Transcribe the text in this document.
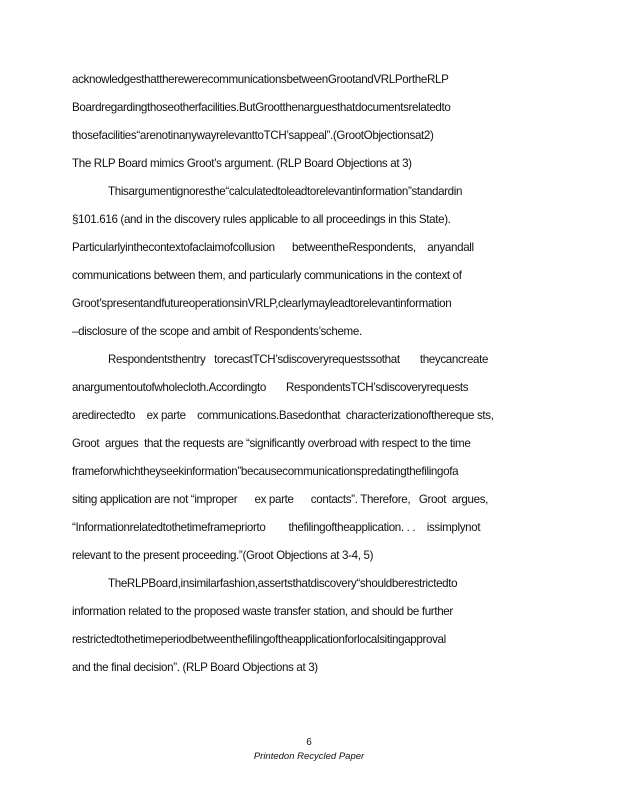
acknowledgesthattherewerecommunicationsbetweenGrootandVRLPortheRLP
Boardregardingthoseotherfacilities.ButGrootthenarguesthatdocumentsrelatedto
thosefacilities“arenotinanywayrelevanttoTCH’sappeal”.(GrootObjectionsat2)
The RLP Board mimics Groot’s argument. (RLP Board Objections at 3)
Thisargumentignoresthe“calculatedtoleadtorelevantinformation”standardin
§101.616 (and in the discovery rules applicable to all proceedings in this State).
Particularlyinthecontextofaclaimofcollusion      betweentheRespondents,    anyandall
communications between them, and particularly communications in the context of
Groot’spresentandfutureoperationsinVRLP,clearlymayleadtorelevantinformation
–disclosure of the scope and ambit of Respondents’scheme.
Respondentsthentry   torecastTCH’sdiscoveryrequestssothat       theycancreate
anargumentoutofwholecloth.Accordingto       RespondentsTCH’sdiscoveryrequests
aredirectedto    ex parte    communications.Basedonthat  characterizationofthereque sts,
Groot  argues  that the requests are “significantly overbroad with respect to the time
frameforwhichtheyseekinformation”becausecommunicationspredatingthefilingofa
siting application are not “improper      ex parte      contacts”. Therefore,   Groot  argues,
“Informationrelatedtothetimeframepriorto        thefilingoftheapplication. . .    issimplynot
relevant to the present proceeding.”(Groot Objections at 3-4, 5)
TheRLPBoard,insimilarfashion,assertsthatdiscovery“shouldberestrictedto
information related to the proposed waste transfer station, and should be further
restrictedtothetimeperiodbetweenthefilingoftheapplicationforlocalsitingapproval
and the final decision”. (RLP Board Objections at 3)
6
Printedon Recycled Paper
